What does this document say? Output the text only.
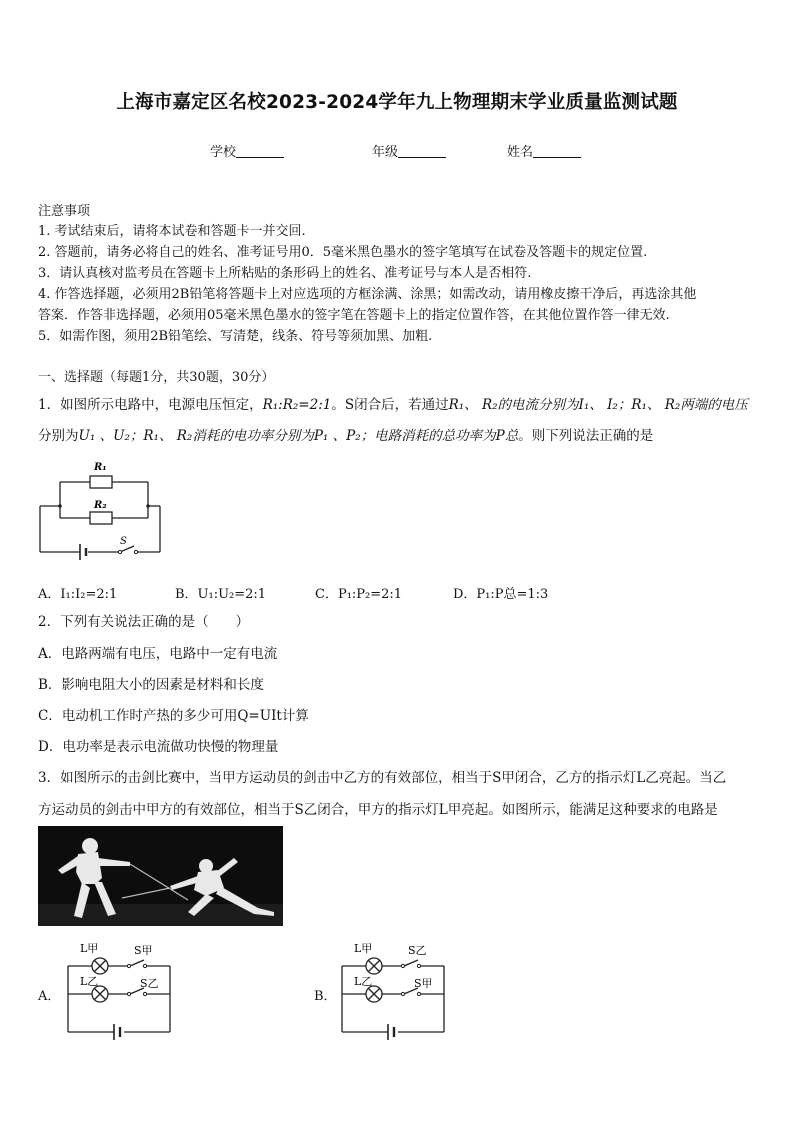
上海市嘉定区名校2023-2024学年九上物理期末学业质量监测试题
学校	年级	姓名
注意事项
1. 考试结束后，请将本试卷和答题卡一并交回.
2. 答题前，请务必将自己的姓名、准考证号用0．5毫米黑色墨水的签字笔填写在试卷及答题卡的规定位置.
3．请认真核对监考员在答题卡上所粘贴的条形码上的姓名、准考证号与本人是否相符.
4. 作答选择题，必须用2B铅笔将答题卡上对应选项的方框涂满、涂黑；如需改动，请用橡皮擦干净后，再选涂其他
答案．作答非选择题，必须用05毫米黑色墨水的签字笔在答题卡上的指定位置作答，在其他位置作答一律无效.
5．如需作图，须用2B铅笔绘、写清楚，线条、符号等须加黑、加粗.
一、选择题（每题1分，共30题，30分）
1．如图所示电路中，电源电压恒定，R₁:R₂=2:1。S闭合后，若通过R₁、 R₂的电流分别为I₁、 I₂；R₁、 R₂两端的电压
分别为U₁ 、U₂；R₁、 R₂消耗的电功率分别为P₁ 、P₂；电路消耗的总功率为P总。则下列说法正确的是
R₁
R₂
S
A．I₁:I₂=2:1	B．U₁:U₂=2:1	C．P₁:P₂=2:1	D．P₁:P总=1:3
2．下列有关说法正确的是（　　）
A．电路两端有电压，电路中一定有电流
B．影响电阻大小的因素是材料和长度
C．电动机工作时产热的多少可用Q=UIt计算
D．电功率是表示电流做功快慢的物理量
3．如图所示的击剑比赛中，当甲方运动员的剑击中乙方的有效部位，相当于S甲闭合，乙方的指示灯L乙亮起。当乙
方运动员的剑击中甲方的有效部位，相当于S乙闭合，甲方的指示灯L甲亮起。如图所示，能满足这种要求的电路是
A．
L甲	S甲
L乙	S乙
B．
L甲	S乙
L乙	S甲
